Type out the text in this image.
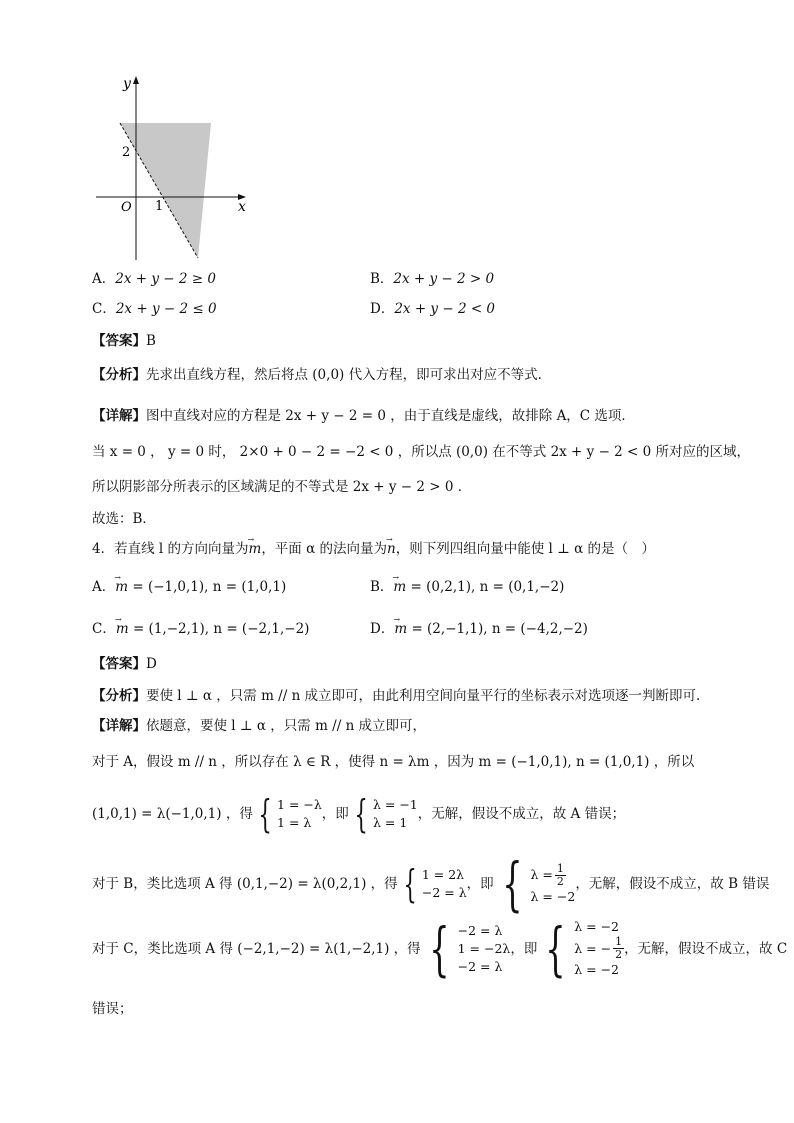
y
x
O
2
1
A．2x + y − 2 ≥ 0	B．2x + y − 2 > 0
C．2x + y − 2 ≤ 0	D．2x + y − 2 < 0
【答案】B
【分析】先求出直线方程，然后将点 (0,0) 代入方程，即可求出对应不等式.
【详解】图中直线对应的方程是 2x + y − 2 = 0 ，由于直线是虚线，故排除 A，C 选项．
当 x = 0 ， y = 0 时， 2×0 + 0 − 2 = −2 < 0 ，所以点 (0,0) 在不等式 2x + y − 2 < 0 所对应的区域，
所以阴影部分所表示的区域满足的不等式是 2x + y − 2 > 0 ．
故选：B．
4．若直线 l 的方向向量为→ m，平面 α 的法向量为→ n，则下列四组向量中能使 l ⊥ α 的是（　）
A．→ m = (−1,0,1), n = (1,0,1)	B．→ m = (0,2,1), n = (0,1,−2)
C．→ m = (1,−2,1), n = (−2,1,−2)	D．→ m = (2,−1,1), n = (−4,2,−2)
【答案】D
【分析】要使 l ⊥ α ，只需 m // n 成立即可，由此利用空间向量平行的坐标表示对选项逐一判断即可.
【详解】依题意，要使 l ⊥ α ，只需 m // n 成立即可，
对于 A，假设 m // n ，所以存在 λ ∈ R ，使得 n = λm ，因为 m = (−1,0,1), n = (1,0,1) ，所以
(1,0,1) = λ(−1,0,1) ，得 { 1 = −λ
1 = λ
，即 { λ = −1
λ = 1
，无解，假设不成立，故 A 错误；
对于 B，类比选项 A 得 (0,1,−2) = λ(0,2,1) ，得 { 1 = 2λ
−2 = λ
，即 { $\lambda = \frac{1}{2}$
λ = −2
，无解，假设不成立，故 B 错误
对于 C，类比选项 A 得 (−2,1,−2) = λ(1,−2,1) ，得 { −2 = λ
1 = −2λ
−2 = λ
，即 { λ = −2
λ = − $\frac{1}{2}$
λ = −2
，无解，假设不成立，故 C
错误；
